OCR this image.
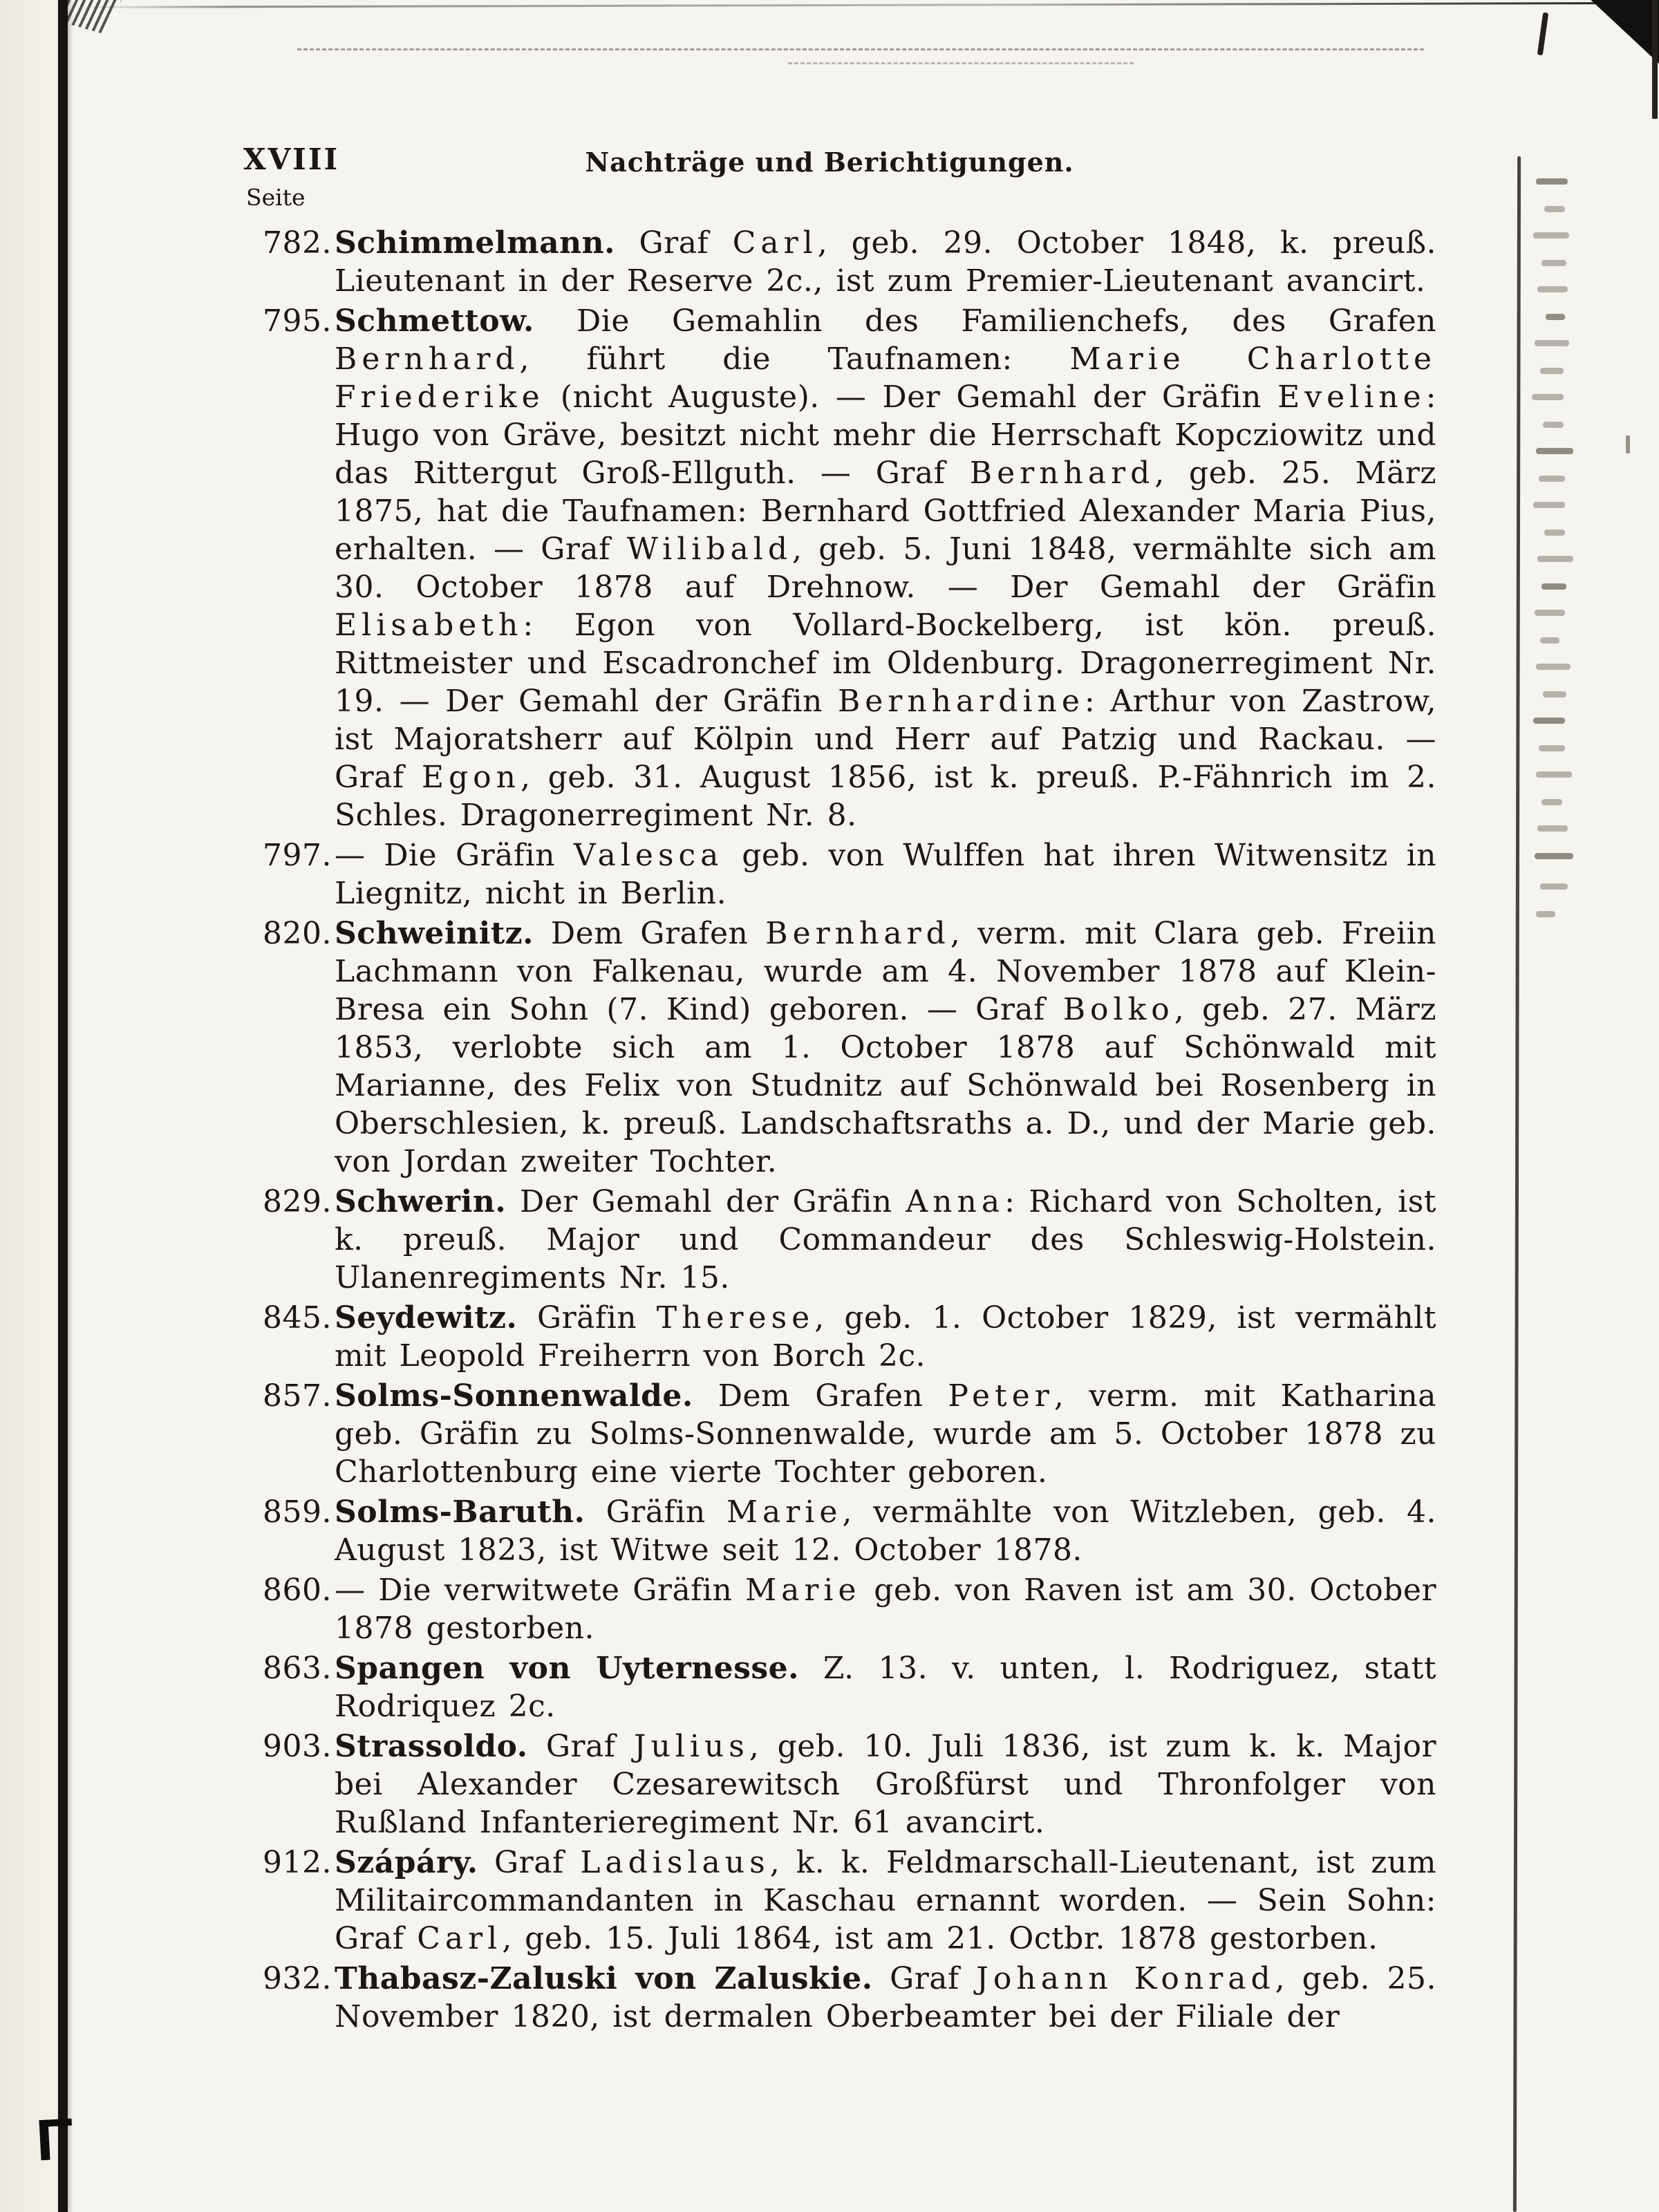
XVIII	Nachträge und Berichtigungen.
Seite
782. Schimmelmann. Graf Carl, geb. 29. October 1848, k. preuß. Lieutenant in der Reserve 2c., ist zum Premier-Lieutenant avancirt.
795. Schmettow. Die Gemahlin des Familienchefs, des Grafen Bernhard, führt die Taufnamen: Marie Charlotte Friederike (nicht Auguste). — Der Gemahl der Gräfin Eveline: Hugo von Gräve, besitzt nicht mehr die Herrschaft Kopcziowitz und das Rittergut Groß-Ellguth. — Graf Bernhard, geb. 25. März 1875, hat die Taufnamen: Bernhard Gottfried Alexander Maria Pius, erhalten. — Graf Wilibald, geb. 5. Juni 1848, vermählte sich am 30. October 1878 auf Drehnow. — Der Gemahl der Gräfin Elisabeth: Egon von Vollard-Bockelberg, ist kön. preuß. Rittmeister und Escadronchef im Oldenburg. Dragonerregiment Nr. 19. — Der Gemahl der Gräfin Bernhardine: Arthur von Zastrow, ist Majoratsherr auf Kölpin und Herr auf Patzig und Rackau. — Graf Egon, geb. 31. August 1856, ist k. preuß. P.-Fähnrich im 2. Schles. Dragonerregiment Nr. 8.
797. — Die Gräfin Valesca geb. von Wulffen hat ihren Witwensitz in Liegnitz, nicht in Berlin.
820. Schweinitz. Dem Grafen Bernhard, verm. mit Clara geb. Freiin Lachmann von Falkenau, wurde am 4. November 1878 auf Klein-Bresa ein Sohn (7. Kind) geboren. — Graf Bolko, geb. 27. März 1853, verlobte sich am 1. October 1878 auf Schönwald mit Marianne, des Felix von Studnitz auf Schönwald bei Rosenberg in Oberschlesien, k. preuß. Landschaftsraths a. D., und der Marie geb. von Jordan zweiter Tochter.
829. Schwerin. Der Gemahl der Gräfin Anna: Richard von Scholten, ist k. preuß. Major und Commandeur des Schleswig-Holstein. Ulanenregiments Nr. 15.
845. Seydewitz. Gräfin Therese, geb. 1. October 1829, ist vermählt mit Leopold Freiherrn von Borch 2c.
857. Solms-Sonnenwalde. Dem Grafen Peter, verm. mit Katharina geb. Gräfin zu Solms-Sonnenwalde, wurde am 5. October 1878 zu Charlottenburg eine vierte Tochter geboren.
859. Solms-Baruth. Gräfin Marie, vermählte von Witzleben, geb. 4. August 1823, ist Witwe seit 12. October 1878.
860. — Die verwitwete Gräfin Marie geb. von Raven ist am 30. October 1878 gestorben.
863. Spangen von Uyternesse. Z. 13. v. unten, l. Rodriguez, statt Rodriquez 2c.
903. Strassoldo. Graf Julius, geb. 10. Juli 1836, ist zum k. k. Major bei Alexander Czesarewitsch Großfürst und Thronfolger von Rußland Infanterieregiment Nr. 61 avancirt.
912. Szápáry. Graf Ladislaus, k. k. Feldmarschall-Lieutenant, ist zum Militaircommandanten in Kaschau ernannt worden. — Sein Sohn: Graf Carl, geb. 15. Juli 1864, ist am 21. Octbr. 1878 gestorben.
932. Thabasz-Zaluski von Zaluskie. Graf Johann Konrad, geb. 25. November 1820, ist dermalen Oberbeamter bei der Filiale der
